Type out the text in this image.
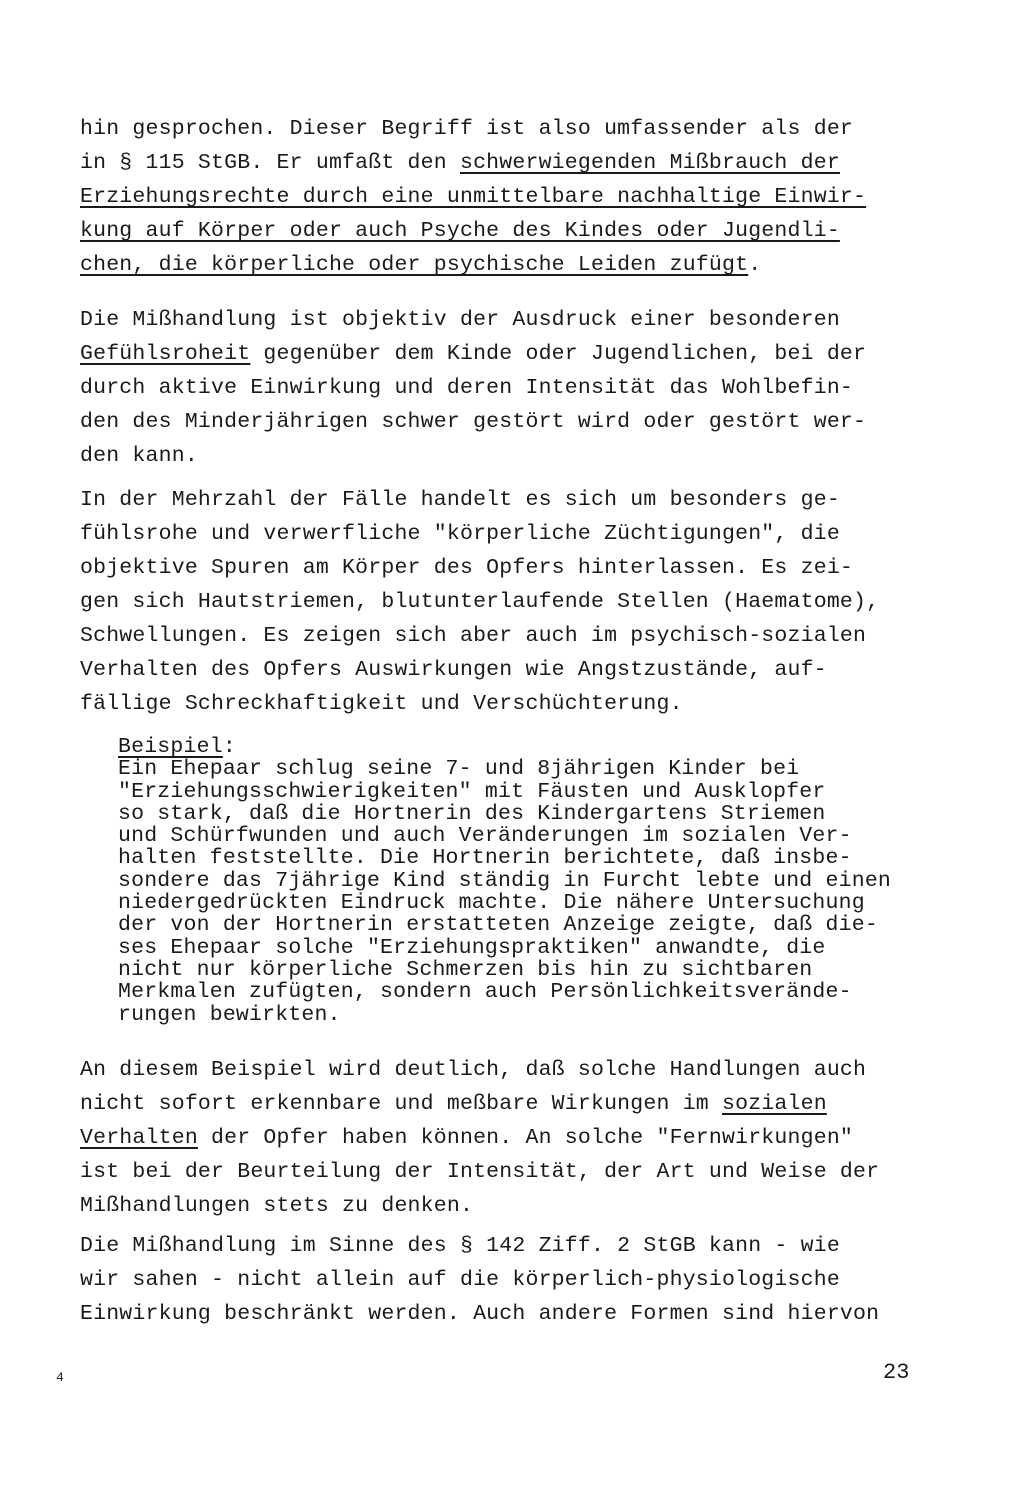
hin gesprochen. Dieser Begriff ist also umfassender als der
in § 115 StGB. Er umfaßt den schwerwiegenden Mißbrauch der
Erziehungsrechte durch eine unmittelbare nachhaltige Einwir-
kung auf Körper oder auch Psyche des Kindes oder Jugendli-
chen, die körperliche oder psychische Leiden zufügt.
Die Mißhandlung ist objektiv der Ausdruck einer besonderen
Gefühlsroheit gegenüber dem Kinde oder Jugendlichen, bei der
durch aktive Einwirkung und deren Intensität das Wohlbefin-
den des Minderjährigen schwer gestört wird oder gestört wer-
den kann.
In der Mehrzahl der Fälle handelt es sich um besonders ge-
fühlsrohe und verwerfliche "körperliche Züchtigungen", die
objektive Spuren am Körper des Opfers hinterlassen. Es zei-
gen sich Hautstriemen, blutunterlaufende Stellen (Haematome),
Schwellungen. Es zeigen sich aber auch im psychisch-sozialen
Verhalten des Opfers Auswirkungen wie Angstzustände, auf-
fällige Schreckhaftigkeit und Verschüchterung.
Beispiel:
Ein Ehepaar schlug seine 7- und 8jährigen Kinder bei
"Erziehungsschwierigkeiten" mit Fäusten und Ausklopfer
so stark, daß die Hortnerin des Kindergartens Striemen
und Schürfwunden und auch Veränderungen im sozialen Ver-
halten feststellte. Die Hortnerin berichtete, daß insbe-
sondere das 7jährige Kind ständig in Furcht lebte und einen
niedergedrückten Eindruck machte. Die nähere Untersuchung
der von der Hortnerin erstatteten Anzeige zeigte, daß die-
ses Ehepaar solche "Erziehungspraktiken" anwandte, die
nicht nur körperliche Schmerzen bis hin zu sichtbaren
Merkmalen zufügten, sondern auch Persönlichkeitsverände-
rungen bewirkten.
An diesem Beispiel wird deutlich, daß solche Handlungen auch
nicht sofort erkennbare und meßbare Wirkungen im sozialen
Verhalten der Opfer haben können. An solche "Fernwirkungen"
ist bei der Beurteilung der Intensität, der Art und Weise der
Mißhandlungen stets zu denken.
Die Mißhandlung im Sinne des § 142 Ziff. 2 StGB kann - wie
wir sahen - nicht allein auf die körperlich-physiologische
Einwirkung beschränkt werden. Auch andere Formen sind hiervon
4	23
